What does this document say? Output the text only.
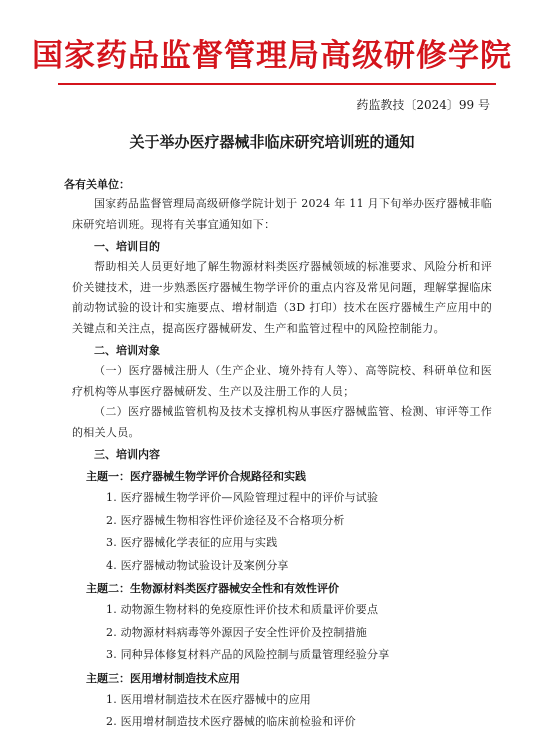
国家药品监督管理局高级研修学院
药监教技〔2024〕99 号
关于举办医疗器械非临床研究培训班的通知
各有关单位：

国家药品监督管理局高级研修学院计划于 2024 年 11 月下旬举办医疗器械非临床研究培训班。现将有关事宜通知如下：

一、培训目的

帮助相关人员更好地了解生物源材料类医疗器械领域的标准要求、风险分析和评价关键技术，进一步熟悉医疗器械生物学评价的重点内容及常见问题，理解掌握临床前动物试验的设计和实施要点、增材制造（3D 打印）技术在医疗器械生产应用中的关键点和关注点，提高医疗器械研发、生产和监管过程中的风险控制能力。

二、培训对象

（一）医疗器械注册人（生产企业、境外持有人等）、高等院校、科研单位和医疗机构等从事医疗器械研发、生产以及注册工作的人员；

（二）医疗器械监管机构及技术支撑机构从事医疗器械监管、检测、审评等工作的相关人员。

三、培训内容
主题一：医疗器械生物学评价合规路径和实践
1. 医疗器械生物学评价—风险管理过程中的评价与试验
2. 医疗器械生物相容性评价途径及不合格项分析
3. 医疗器械化学表征的应用与实践
4. 医疗器械动物试验设计及案例分享
主题二：生物源材料类医疗器械安全性和有效性评价
1. 动物源生物材料的免疫原性评价技术和质量评价要点
2. 动物源材料病毒等外源因子安全性评价及控制措施
3. 同种异体修复材料产品的风险控制与质量管理经验分享
主题三：医用增材制造技术应用
1. 医用增材制造技术在医疗器械中的应用
2. 医用增材制造技术医疗器械的临床前检验和评价
